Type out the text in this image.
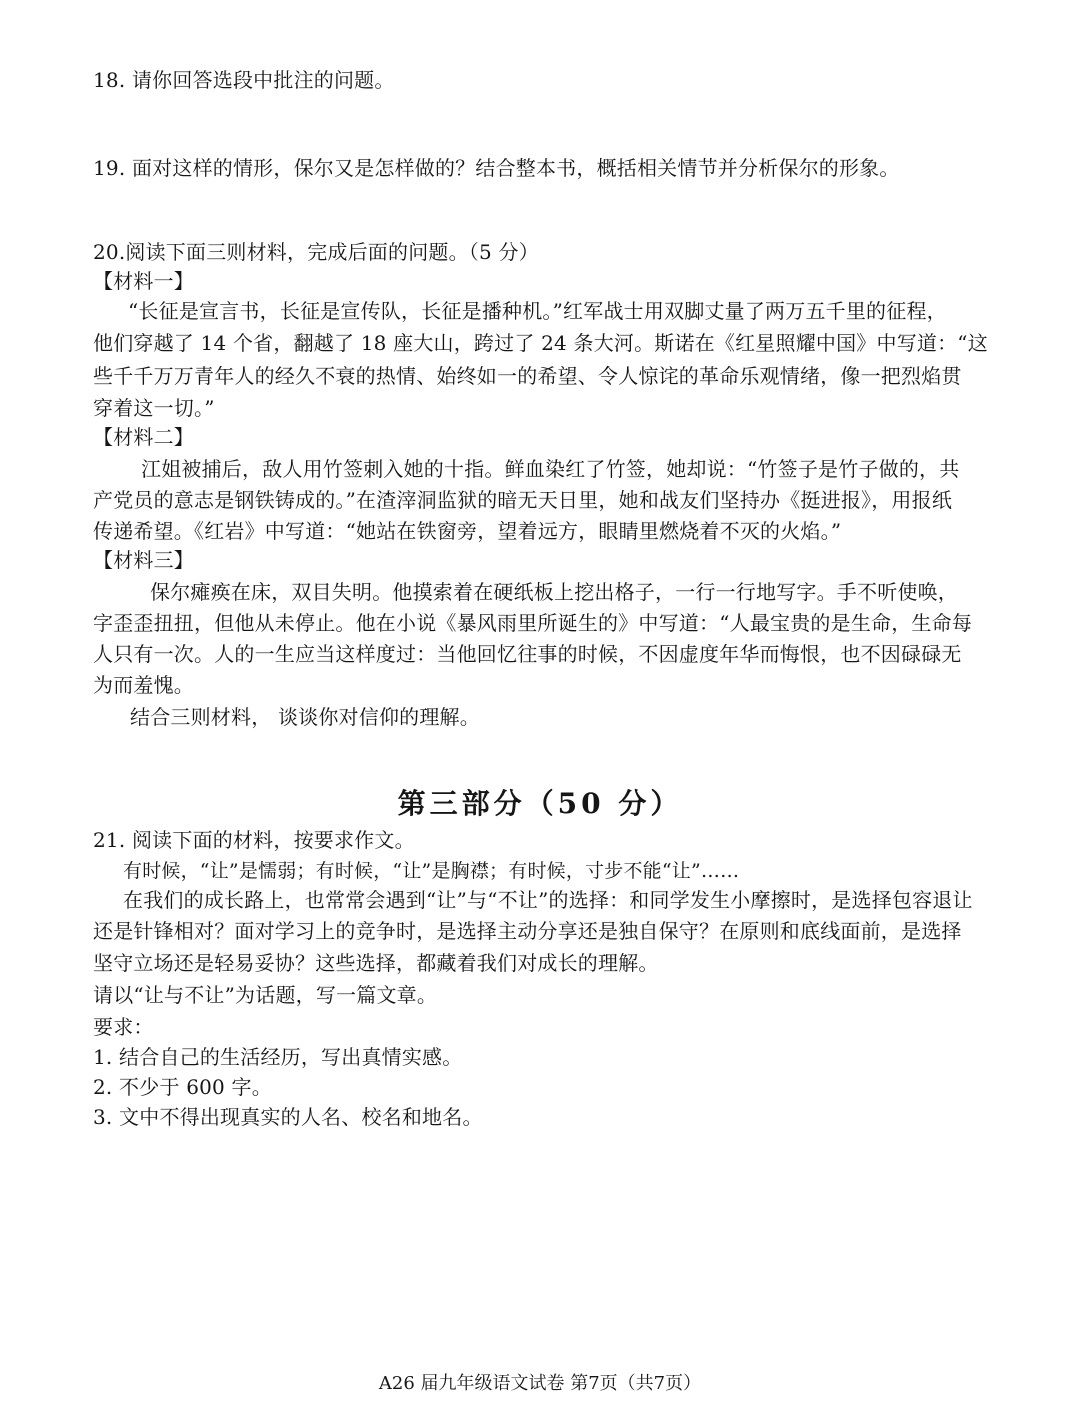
18. 请你回答选段中批注的问题。
19. 面对这样的情形，保尔又是怎样做的？结合整本书，概括相关情节并分析保尔的形象。
20.阅读下面三则材料，完成后面的问题。（5 分）
【材料一】
“长征是宣言书，长征是宣传队，长征是播种机。”红军战士用双脚丈量了两万五千里的征程，
他们穿越了 14 个省，翻越了 18 座大山，跨过了 24 条大河。斯诺在《红星照耀中国》中写道：“这
些千千万万青年人的经久不衰的热情、始终如一的希望、令人惊诧的革命乐观情绪，像一把烈焰贯
穿着这一切。”
【材料二】
江姐被捕后，敌人用竹签刺入她的十指。鲜血染红了竹签，她却说：“竹签子是竹子做的，共
产党员的意志是钢铁铸成的。”在渣滓洞监狱的暗无天日里，她和战友们坚持办《挺进报》，用报纸
传递希望。《红岩》中写道：“她站在铁窗旁，望着远方，眼睛里燃烧着不灭的火焰。”
【材料三】
保尔瘫痪在床，双目失明。他摸索着在硬纸板上挖出格子，一行一行地写字。手不听使唤，
字歪歪扭扭，但他从未停止。他在小说《暴风雨里所诞生的》中写道：“人最宝贵的是生命，生命每
人只有一次。人的一生应当这样度过：当他回忆往事的时候，不因虚度年华而悔恨，也不因碌碌无
为而羞愧。
结合三则材料， 谈谈你对信仰的理解。
第三部分（50 分）
21. 阅读下面的材料，按要求作文。
有时候，“让”是懦弱；有时候，“让”是胸襟；有时候，寸步不能“让”……
在我们的成长路上，也常常会遇到“让”与“不让”的选择：和同学发生小摩擦时，是选择包容退让
还是针锋相对？面对学习上的竞争时，是选择主动分享还是独自保守？在原则和底线面前，是选择
坚守立场还是轻易妥协？这些选择，都藏着我们对成长的理解。
请以“让与不让”为话题，写一篇文章。
要求：
1. 结合自己的生活经历，写出真情实感。
2. 不少于 600 字。
3. 文中不得出现真实的人名、校名和地名。
A26 届九年级语文试卷 第7页（共7页）
